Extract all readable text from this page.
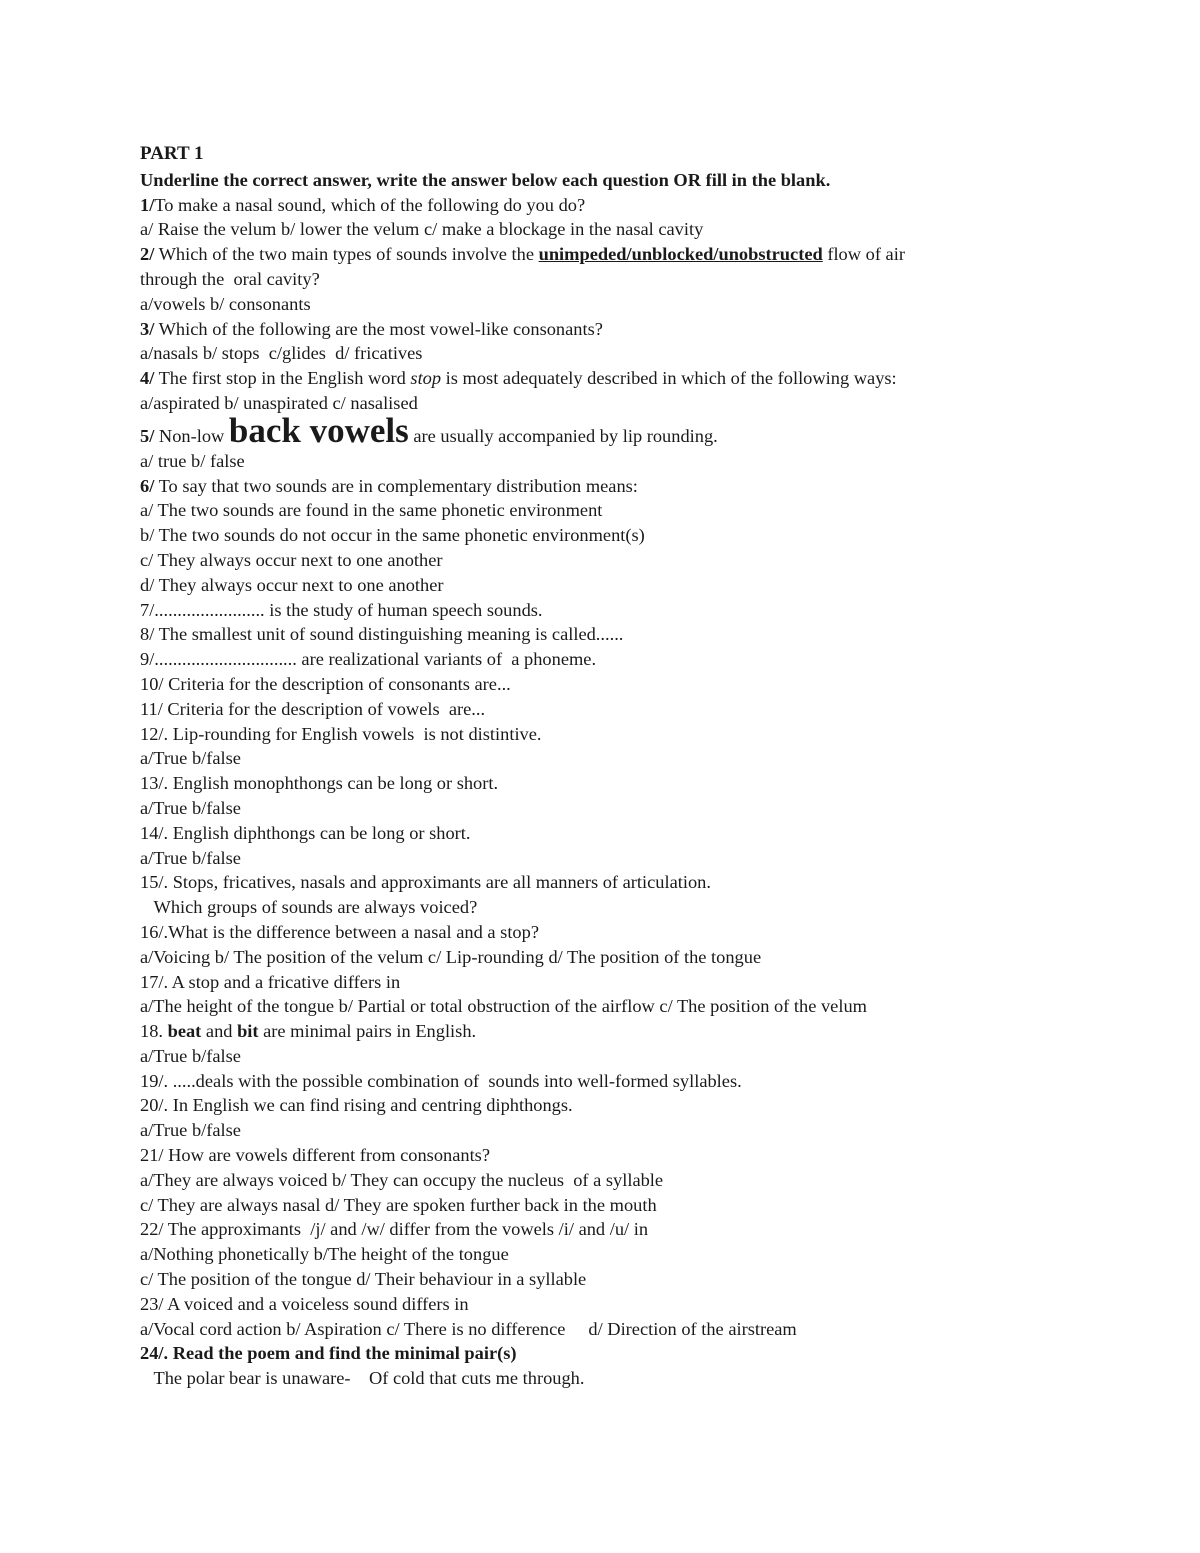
PART 1
Underline the correct answer, write the answer below each question OR fill in the blank.
1/To make a nasal sound, which of the following do you do?
a/ Raise the velum b/ lower the velum c/ make a blockage in the nasal cavity
2/ Which of the two main types of sounds involve the unimpeded/unblocked/unobstructed flow of air
through the  oral cavity?
a/vowels b/ consonants
3/ Which of the following are the most vowel-like consonants?
a/nasals b/ stops  c/glides  d/ fricatives
4/ The first stop in the English word stop is most adequately described in which of the following ways:
a/aspirated b/ unaspirated c/ nasalised
5/ Non-low back vowels are usually accompanied by lip rounding.
a/ true b/ false
6/ To say that two sounds are in complementary distribution means:
a/ The two sounds are found in the same phonetic environment
b/ The two sounds do not occur in the same phonetic environment(s)
c/ They always occur next to one another
d/ They always occur next to one another
7/........................ is the study of human speech sounds.
8/ The smallest unit of sound distinguishing meaning is called......
9/............................... are realizational variants of  a phoneme.
10/ Criteria for the description of consonants are...
11/ Criteria for the description of vowels  are...
12/. Lip-rounding for English vowels  is not distintive.
a/True b/false
13/. English monophthongs can be long or short.
a/True b/false
14/. English diphthongs can be long or short.
a/True b/false
15/. Stops, fricatives, nasals and approximants are all manners of articulation.
Which groups of sounds are always voiced?
16/.What is the difference between a nasal and a stop?
a/Voicing b/ The position of the velum c/ Lip-rounding d/ The position of the tongue
17/. A stop and a fricative differs in
a/The height of the tongue b/ Partial or total obstruction of the airflow c/ The position of the velum
18. beat and bit are minimal pairs in English.
a/True b/false
19/. .....deals with the possible combination of  sounds into well-formed syllables.
20/. In English we can find rising and centring diphthongs.
a/True b/false
21/ How are vowels different from consonants?
a/They are always voiced b/ They can occupy the nucleus  of a syllable
c/ They are always nasal d/ They are spoken further back in the mouth
22/ The approximants  /j/ and /w/ differ from the vowels /i/ and /u/ in
a/Nothing phonetically b/The height of the tongue
c/ The position of the tongue d/ Their behaviour in a syllable
23/ A voiced and a voiceless sound differs in
a/Vocal cord action b/ Aspiration c/ There is no difference     d/ Direction of the airstream
24/. Read the poem and find the minimal pair(s)
The polar bear is unaware-    Of cold that cuts me through.
